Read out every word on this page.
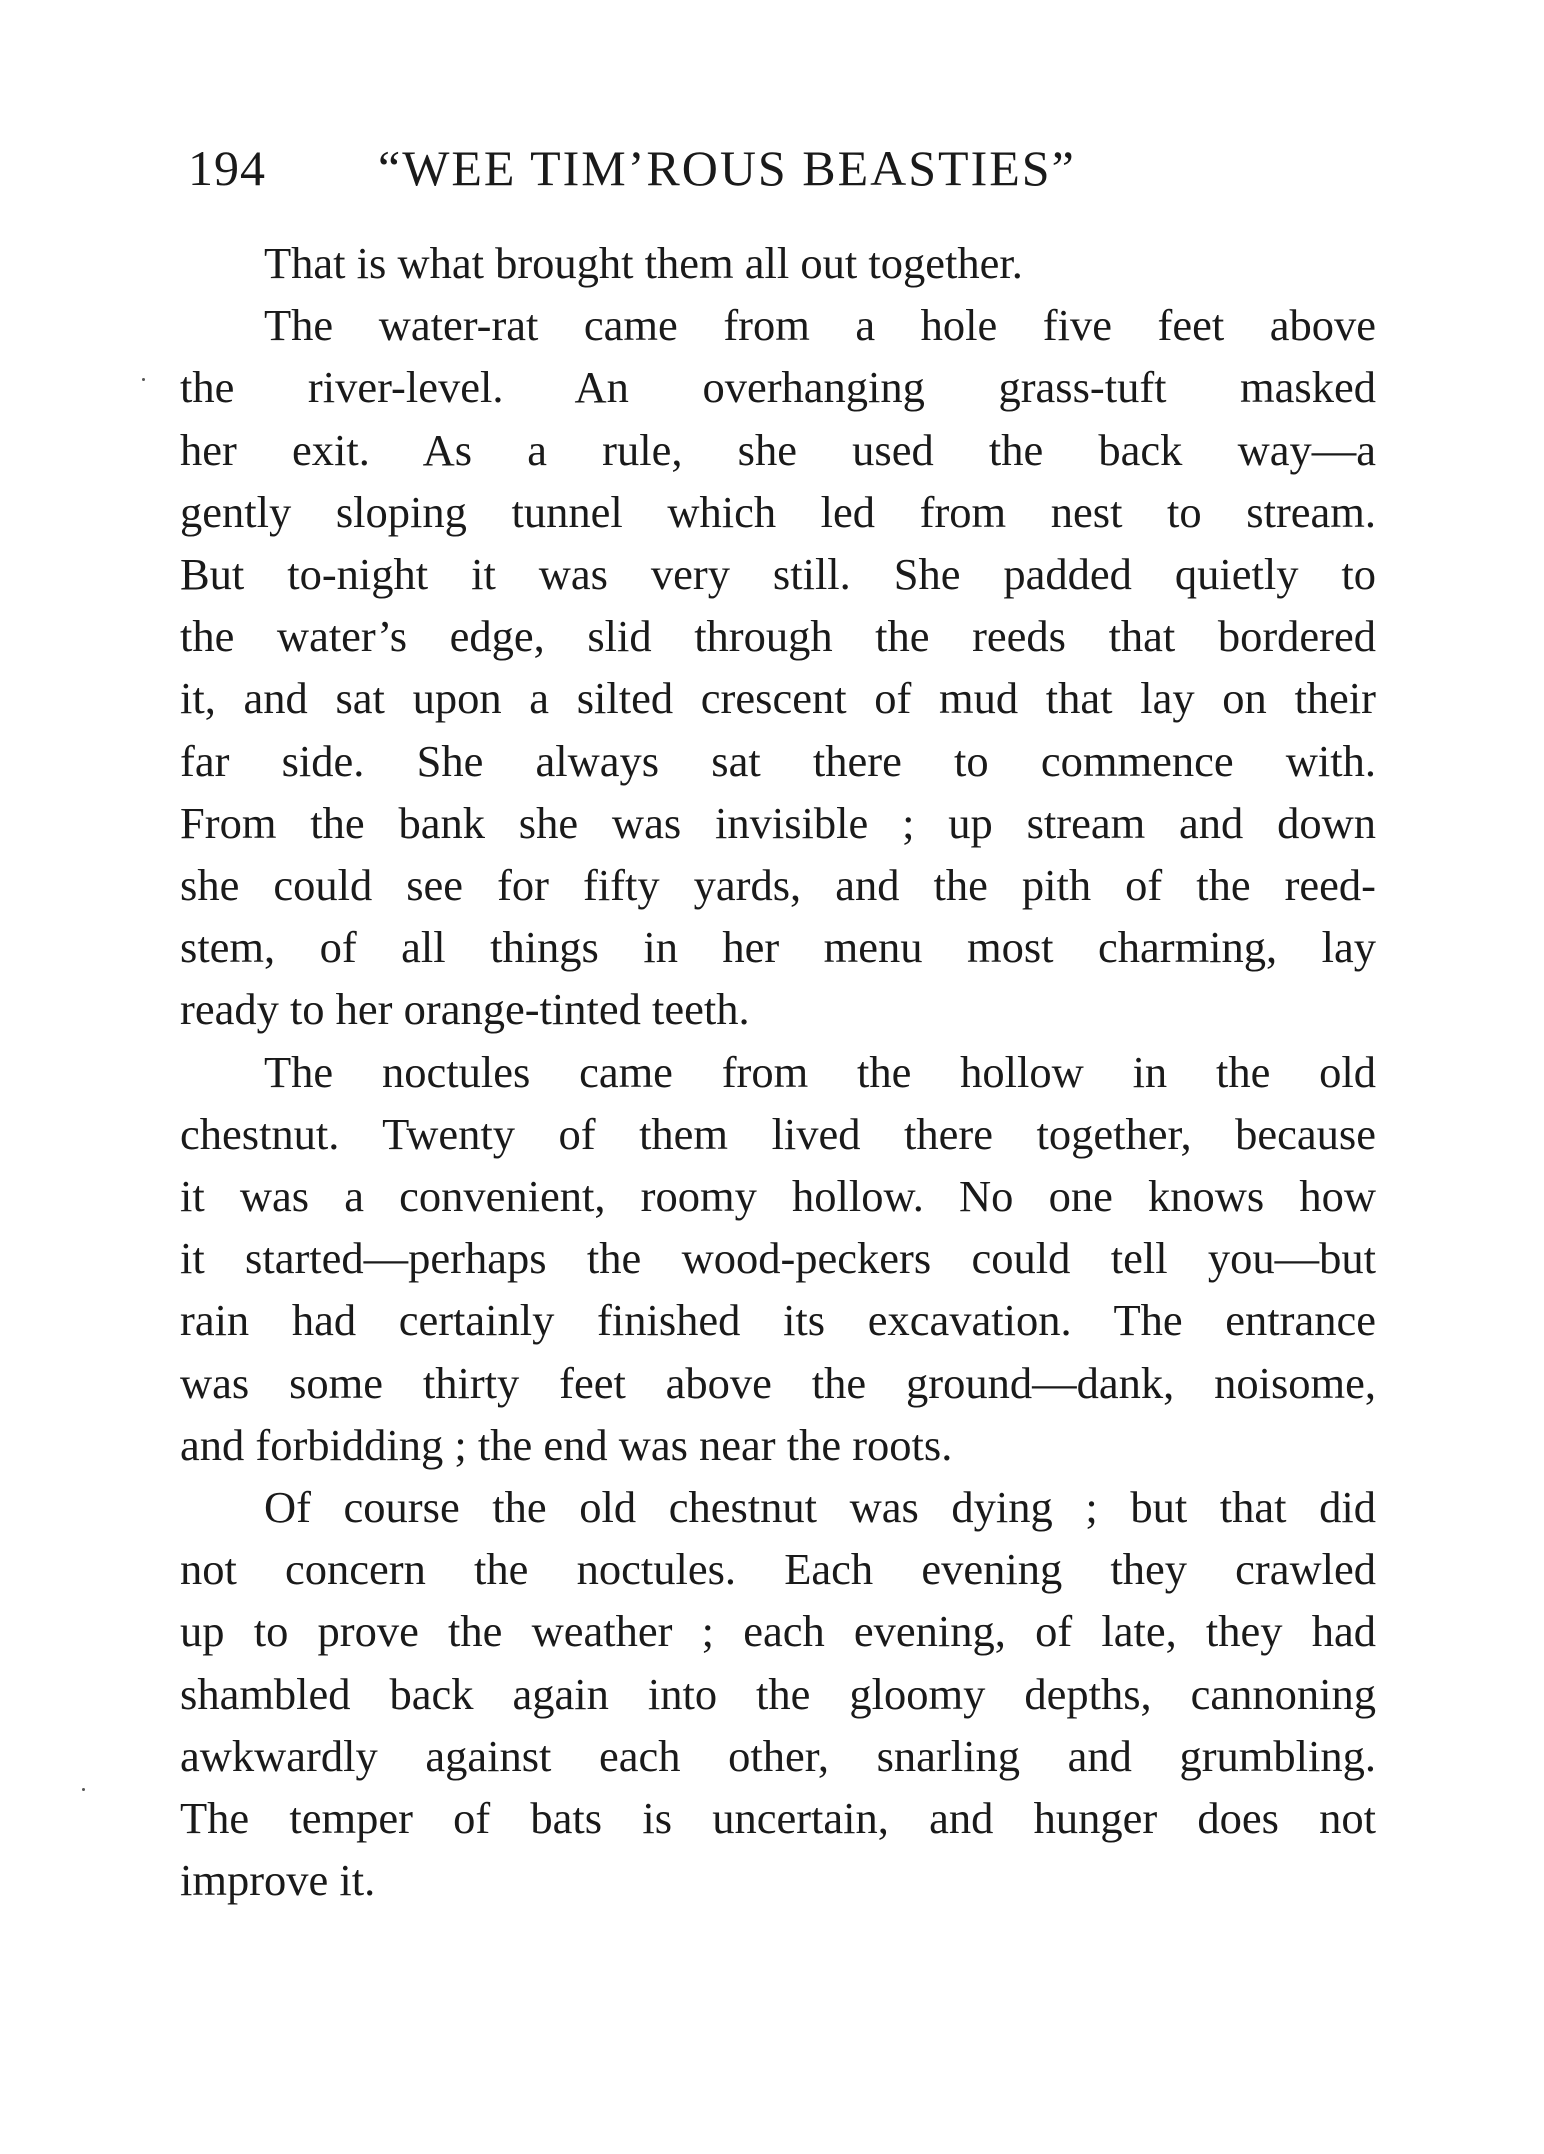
194 “WEE TIM’ROUS BEASTIES”
That is what brought them all out together.
The water-rat came from a hole five feet above
the river-level. An overhanging grass-tuft masked
her exit. As a rule, she used the back way—a
gently sloping tunnel which led from nest to stream.
But to-night it was very still. She padded quietly to
the water’s edge, slid through the reeds that bordered
it, and sat upon a silted crescent of mud that lay on their
far side. She always sat there to commence with.
From the bank she was invisible ; up stream and down
she could see for fifty yards, and the pith of the reed-
stem, of all things in her menu most charming, lay
ready to her orange-tinted teeth.
The noctules came from the hollow in the old
chestnut. Twenty of them lived there together, because
it was a convenient, roomy hollow. No one knows how
it started—perhaps the wood-peckers could tell you—but
rain had certainly finished its excavation. The entrance
was some thirty feet above the ground—dank, noisome,
and forbidding ; the end was near the roots.
Of course the old chestnut was dying ; but that did
not concern the noctules. Each evening they crawled
up to prove the weather ; each evening, of late, they had
shambled back again into the gloomy depths, cannoning
awkwardly against each other, snarling and grumbling.
The temper of bats is uncertain, and hunger does not
improve it.
